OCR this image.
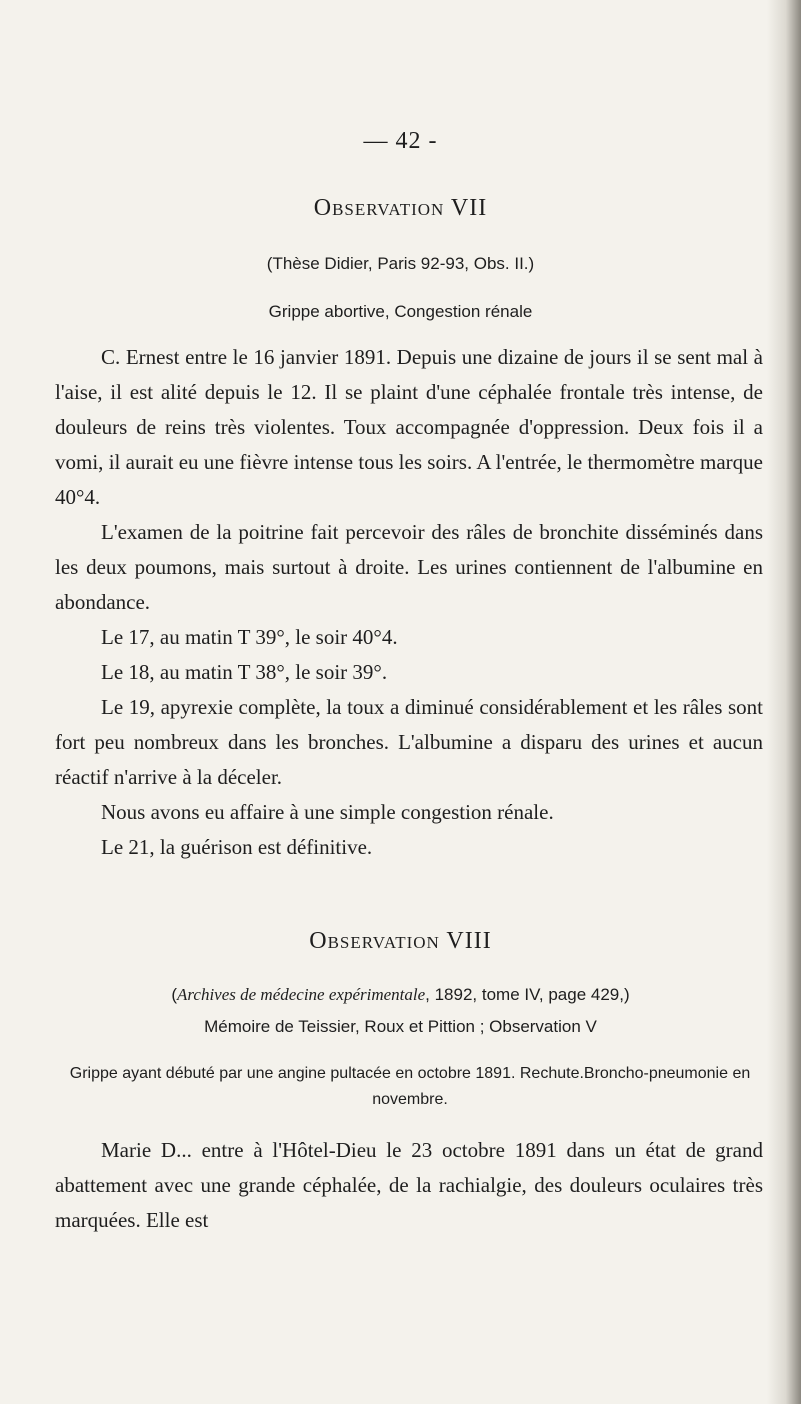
— 42 -
Observation VII
(Thèse Didier, Paris 92-93, Obs. II.)
Grippe abortive, Congestion rénale

C. Ernest entre le 16 janvier 1891. Depuis une dizaine de jours il se sent mal à l'aise, il est alité depuis le 12. Il se plaint d'une céphalée frontale très intense, de douleurs de reins très violentes. Toux accompagnée d'oppression. Deux fois il a vomi, il aurait eu une fièvre intense tous les soirs. A l'entrée, le thermomètre marque 40°4.

L'examen de la poitrine fait percevoir des râles de bronchite disséminés dans les deux poumons, mais surtout à droite. Les urines contiennent de l'albumine en abondance.

Le 17, au matin T 39°, le soir 40°4.
Le 18, au matin T 38°, le soir 39°.

Le 19, apyrexie complète, la toux a diminué considérablement et les râles sont fort peu nombreux dans les bronches. L'albumine a disparu des urines et aucun réactif n'arrive à la déceler.

Nous avons eu affaire à une simple congestion rénale.
Le 21, la guérison est définitive.
Observation VIII
(Archives de médecine expérimentale, 1892, tome IV, page 429,)
Mémoire de Teissier, Roux et Pittion ; Observation V
Grippe ayant débuté par une angine pultacée en octobre 1891. Rechute.Broncho-pneumonie en novembre.

Marie D... entre à l'Hôtel-Dieu le 23 octobre 1891 dans un état de grand abattement avec une grande céphalée, de la rachialgie, des douleurs oculaires très marquées. Elle est
